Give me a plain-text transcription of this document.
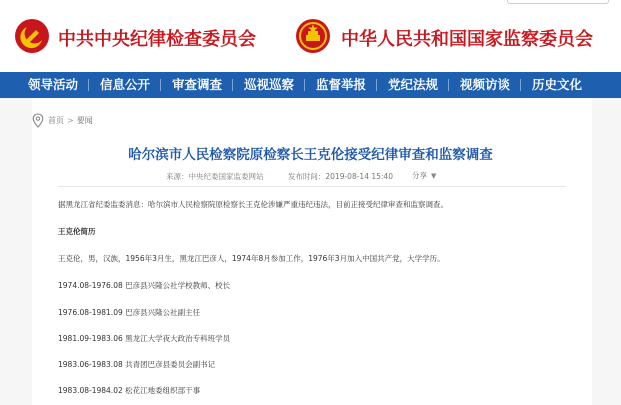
中共中央纪律检查委员会	中华人民共和国国家监察委员会
领导活动 信息公开 审查调查 巡视巡察 监督举报 党纪法规 视频访谈 历史文化
首页 > 要闻
哈尔滨市人民检察院原检察长王克伦接受纪律审查和监察调查
来源：中央纪委国家监委网站	发布时间：2019-08-14 15:40	分享 ▼
据黑龙江省纪委监委消息：哈尔滨市人民检察院原检察长王克伦涉嫌严重违纪违法，目前正接受纪律审查和监察调查。
王克伦简历
王克伦，男，汉族，1956年3月生，黑龙江巴彦人，1974年8月参加工作，1976年3月加入中国共产党，大学学历。
1974.08-1976.08 巴彦县兴隆公社学校教师、校长
1976.08-1981.09 巴彦县兴隆公社副主任
1981.09-1983.06 黑龙江大学夜大政治专科班学员
1983.06-1983.08 共青团巴彦县委员会副书记
1983.08-1984.02 松花江地委组织部干事
